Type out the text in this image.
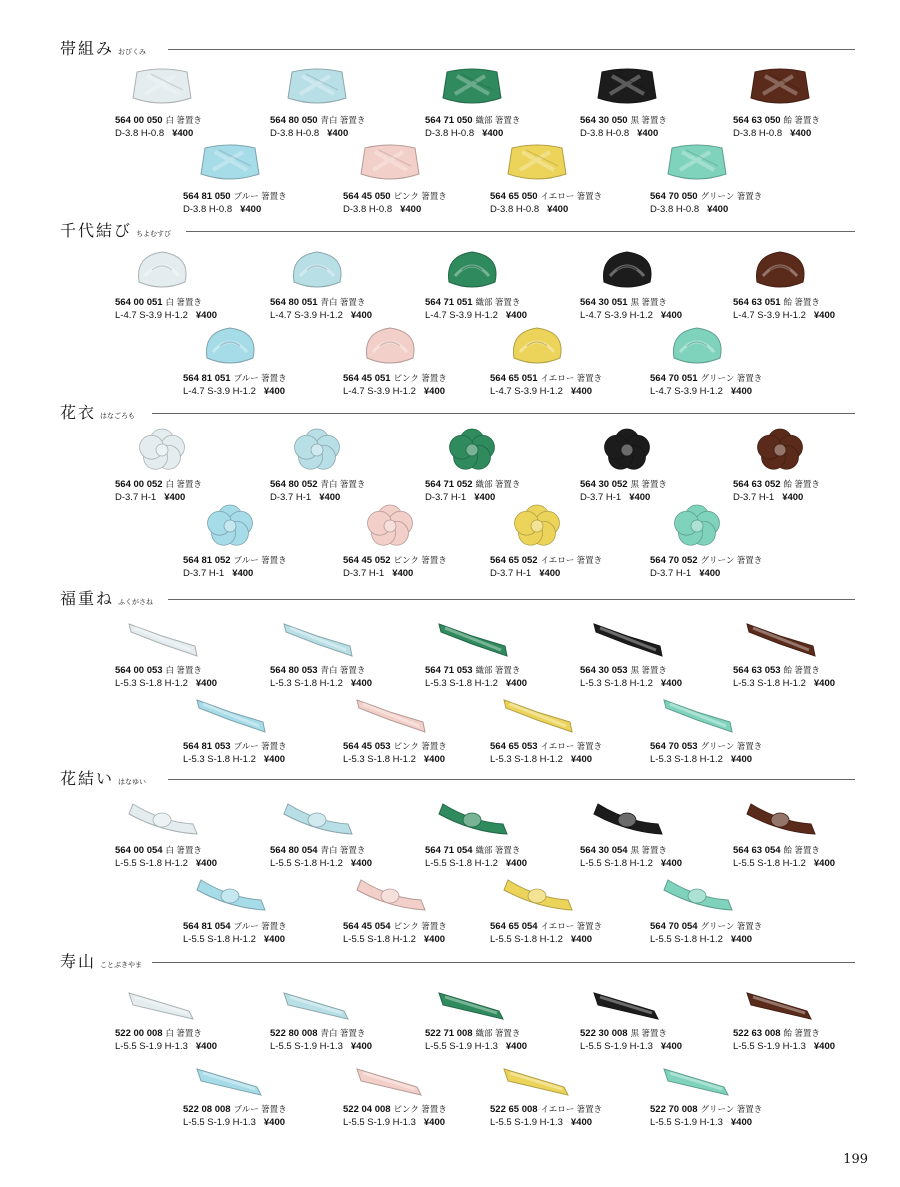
帯組み おびくみ
564 00 050 白 箸置き
D-3.8 H-0.8 ¥400
564 80 050 青白 箸置き
D-3.8 H-0.8 ¥400
564 71 050 織部 箸置き
D-3.8 H-0.8 ¥400
564 30 050 黒 箸置き
D-3.8 H-0.8 ¥400
564 63 050 飴 箸置き
D-3.8 H-0.8 ¥400
564 81 050 ブルー 箸置き
D-3.8 H-0.8 ¥400
564 45 050 ピンク 箸置き
D-3.8 H-0.8 ¥400
564 65 050 イエロー 箸置き
D-3.8 H-0.8 ¥400
564 70 050 グリーン 箸置き
D-3.8 H-0.8 ¥400
千代結び ちよむすび
564 00 051 白 箸置き
L-4.7 S-3.9 H-1.2 ¥400
564 80 051 青白 箸置き
L-4.7 S-3.9 H-1.2 ¥400
564 71 051 織部 箸置き
L-4.7 S-3.9 H-1.2 ¥400
564 30 051 黒 箸置き
L-4.7 S-3.9 H-1.2 ¥400
564 63 051 飴 箸置き
L-4.7 S-3.9 H-1.2 ¥400
564 81 051 ブルー 箸置き
L-4.7 S-3.9 H-1.2 ¥400
564 45 051 ピンク 箸置き
L-4.7 S-3.9 H-1.2 ¥400
564 65 051 イエロー 箸置き
L-4.7 S-3.9 H-1.2 ¥400
564 70 051 グリーン 箸置き
L-4.7 S-3.9 H-1.2 ¥400
花衣 はなごろも
564 00 052 白 箸置き
D-3.7 H-1 ¥400
564 80 052 青白 箸置き
D-3.7 H-1 ¥400
564 71 052 織部 箸置き
D-3.7 H-1 ¥400
564 30 052 黒 箸置き
D-3.7 H-1 ¥400
564 63 052 飴 箸置き
D-3.7 H-1 ¥400
564 81 052 ブルー 箸置き
D-3.7 H-1 ¥400
564 45 052 ピンク 箸置き
D-3.7 H-1 ¥400
564 65 052 イエロー 箸置き
D-3.7 H-1 ¥400
564 70 052 グリーン 箸置き
D-3.7 H-1 ¥400
福重ね ふくがさね
564 00 053 白 箸置き
L-5.3 S-1.8 H-1.2 ¥400
564 80 053 青白 箸置き
L-5.3 S-1.8 H-1.2 ¥400
564 71 053 織部 箸置き
L-5.3 S-1.8 H-1.2 ¥400
564 30 053 黒 箸置き
L-5.3 S-1.8 H-1.2 ¥400
564 63 053 飴 箸置き
L-5.3 S-1.8 H-1.2 ¥400
564 81 053 ブルー 箸置き
L-5.3 S-1.8 H-1.2 ¥400
564 45 053 ピンク 箸置き
L-5.3 S-1.8 H-1.2 ¥400
564 65 053 イエロー 箸置き
L-5.3 S-1.8 H-1.2 ¥400
564 70 053 グリーン 箸置き
L-5.3 S-1.8 H-1.2 ¥400
花結い はなゆい
564 00 054 白 箸置き
L-5.5 S-1.8 H-1.2 ¥400
564 80 054 青白 箸置き
L-5.5 S-1.8 H-1.2 ¥400
564 71 054 織部 箸置き
L-5.5 S-1.8 H-1.2 ¥400
564 30 054 黒 箸置き
L-5.5 S-1.8 H-1.2 ¥400
564 63 054 飴 箸置き
L-5.5 S-1.8 H-1.2 ¥400
564 81 054 ブルー 箸置き
L-5.5 S-1.8 H-1.2 ¥400
564 45 054 ピンク 箸置き
L-5.5 S-1.8 H-1.2 ¥400
564 65 054 イエロー 箸置き
L-5.5 S-1.8 H-1.2 ¥400
564 70 054 グリーン 箸置き
L-5.5 S-1.8 H-1.2 ¥400
寿山 ことぶきやま
522 00 008 白 箸置き
L-5.5 S-1.9 H-1.3 ¥400
522 80 008 青白 箸置き
L-5.5 S-1.9 H-1.3 ¥400
522 71 008 織部 箸置き
L-5.5 S-1.9 H-1.3 ¥400
522 30 008 黒 箸置き
L-5.5 S-1.9 H-1.3 ¥400
522 63 008 飴 箸置き
L-5.5 S-1.9 H-1.3 ¥400
522 08 008 ブルー 箸置き
L-5.5 S-1.9 H-1.3 ¥400
522 04 008 ピンク 箸置き
L-5.5 S-1.9 H-1.3 ¥400
522 65 008 イエロー 箸置き
L-5.5 S-1.9 H-1.3 ¥400
522 70 008 グリーン 箸置き
L-5.5 S-1.9 H-1.3 ¥400
199
